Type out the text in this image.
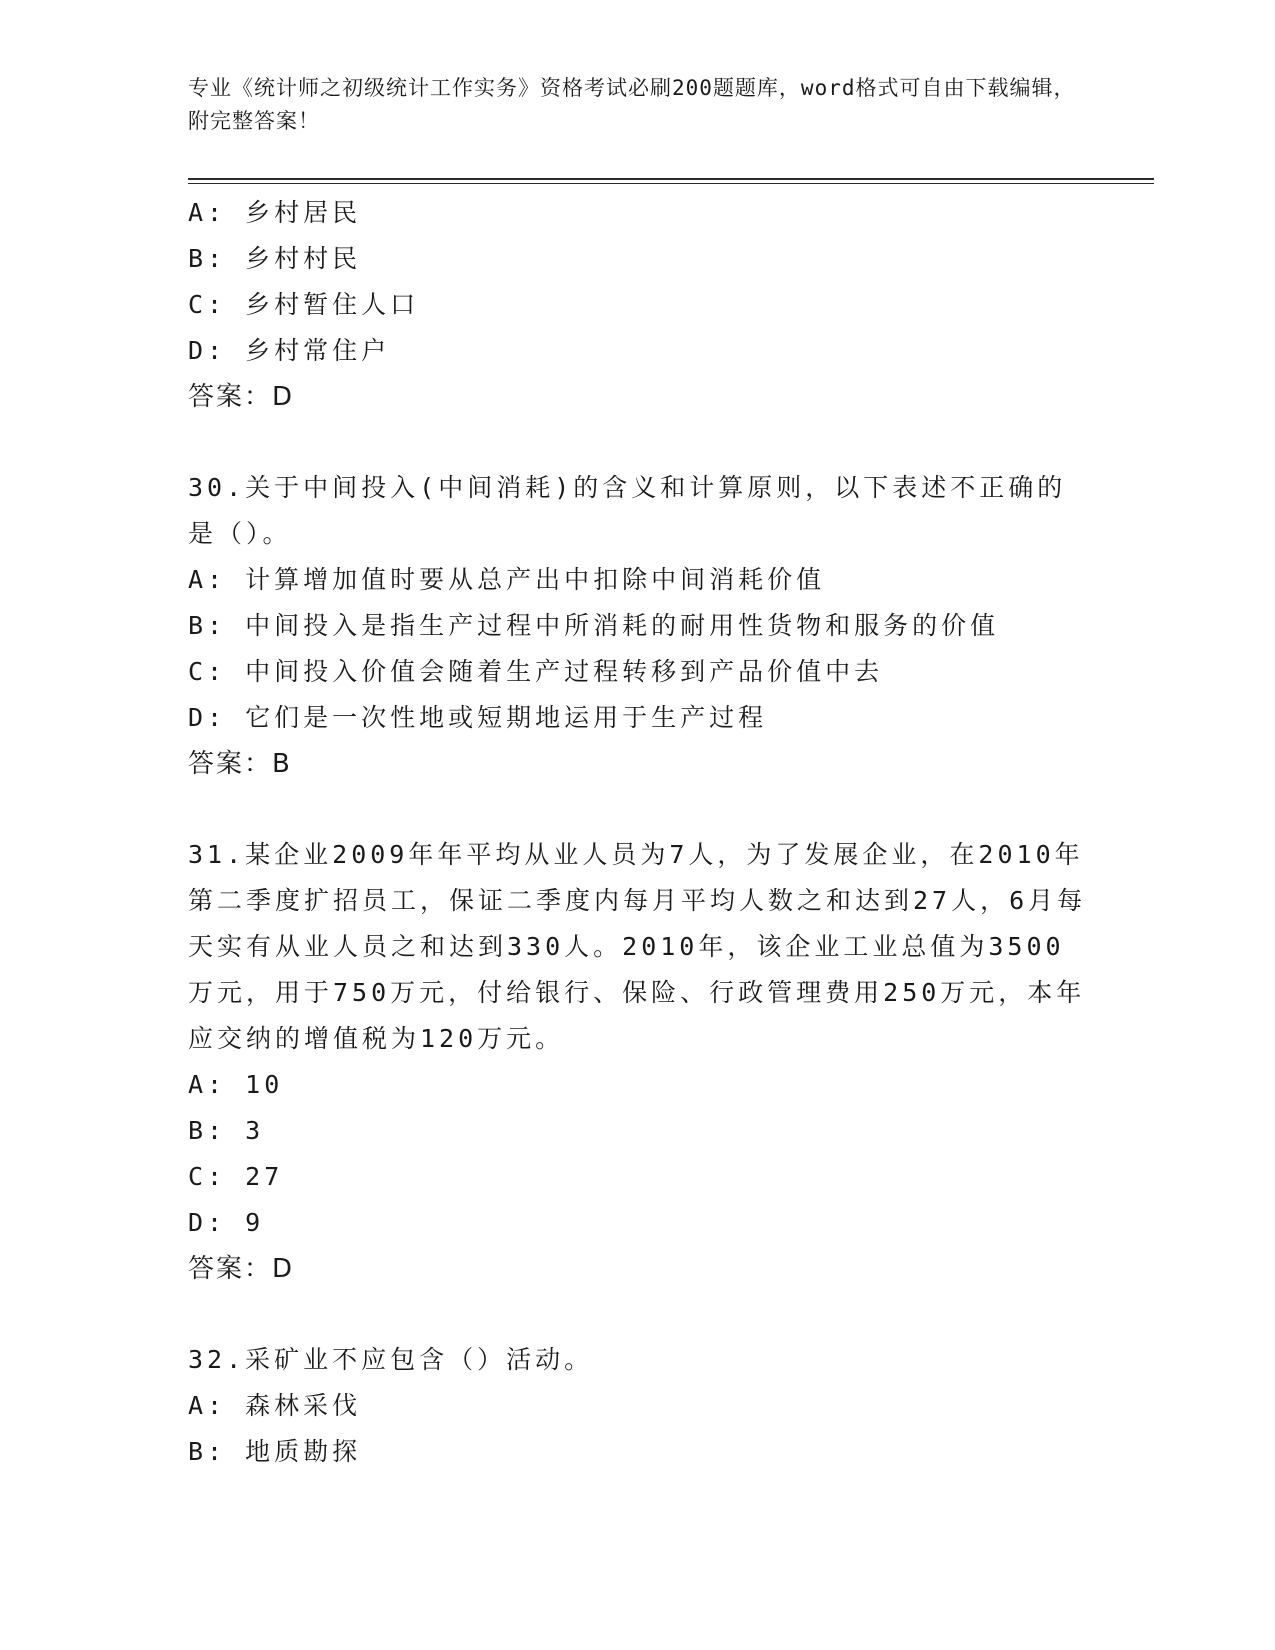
专业《统计师之初级统计工作实务》资格考试必刷200题题库，word格式可自由下载编辑，附完整答案！
A: 乡村居民
B: 乡村村民
C: 乡村暂住人口
D: 乡村常住户
答案：D
30.关于中间投入(中间消耗)的含义和计算原则，以下表述不正确的是（）。
A: 计算增加值时要从总产出中扣除中间消耗价值
B: 中间投入是指生产过程中所消耗的耐用性货物和服务的价值
C: 中间投入价值会随着生产过程转移到产品价值中去
D: 它们是一次性地或短期地运用于生产过程
答案：B
31.某企业2009年年平均从业人员为7人，为了发展企业，在2010年第二季度扩招员工，保证二季度内每月平均人数之和达到27人，6月每天实有从业人员之和达到330人。2010年，该企业工业总值为3500万元，用于750万元，付给银行、保险、行政管理费用250万元，本年应交纳的增值税为120万元。
A: 10
B: 3
C: 27
D: 9
答案：D
32.采矿业不应包含（）活动。
A: 森林采伐
B: 地质勘探
